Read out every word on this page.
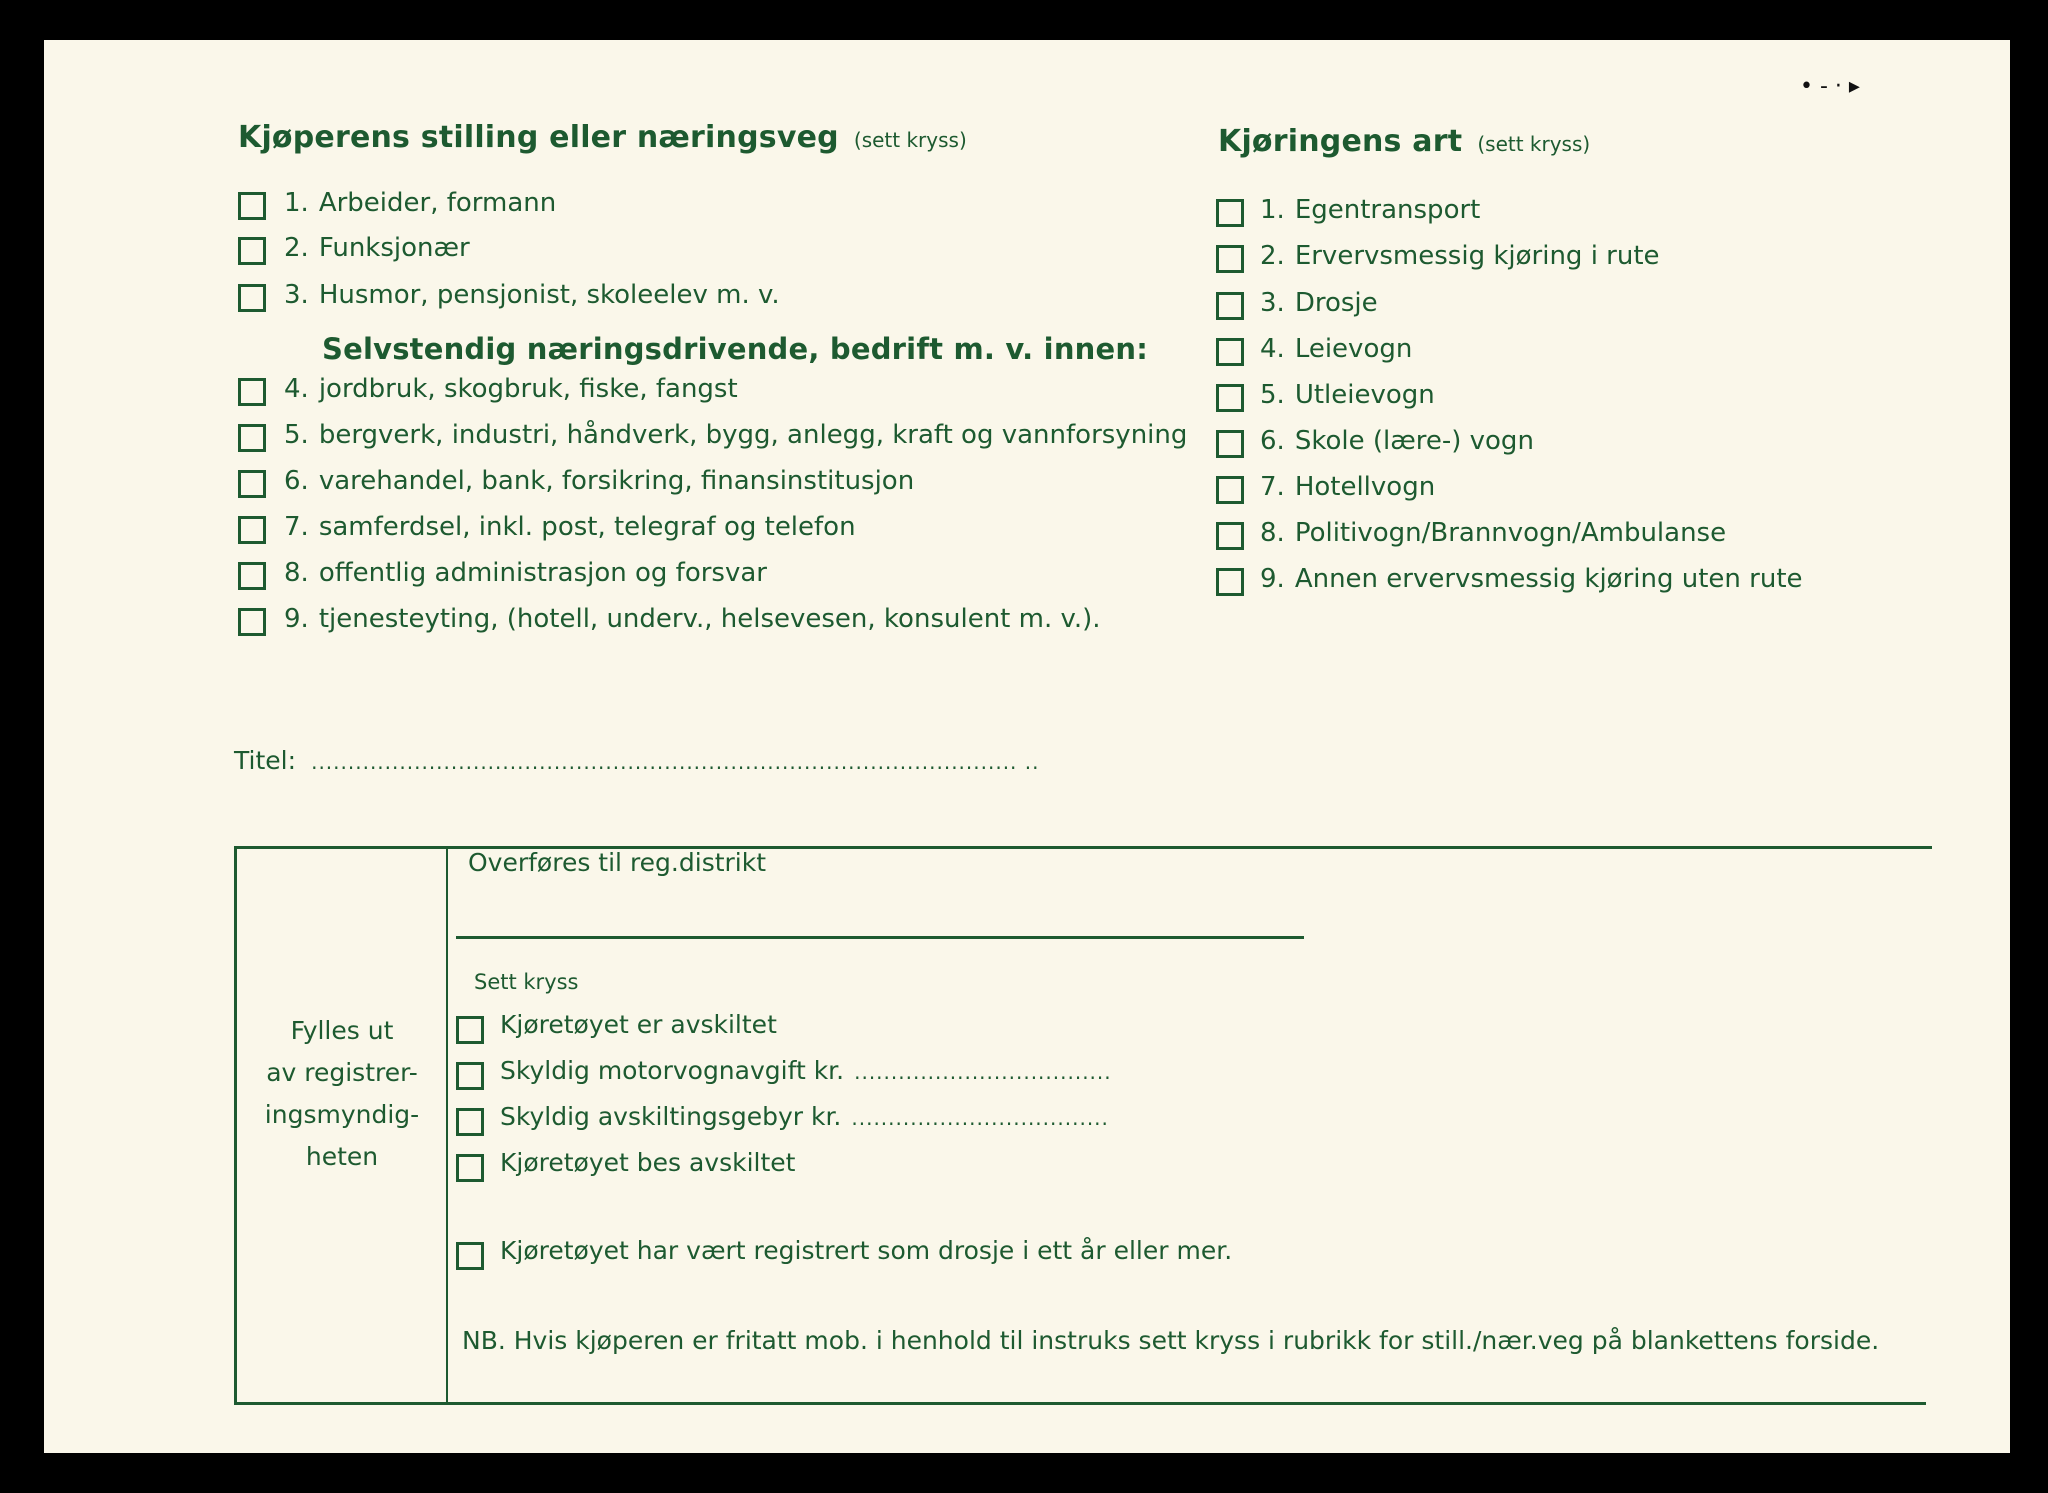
• ‑ · ▸
Kjøperens stilling eller næringsveg (sett kryss)
1. Arbeider, formann
2. Funksjonær
3. Husmor, pensjonist, skoleelev m. v.
4. jordbruk, skogbruk, fiske, fangst
5. bergverk, industri, håndverk, bygg, anlegg, kraft og vannforsyning
6. varehandel, bank, forsikring, finansinstitusjon
7. samferdsel, inkl. post, telegraf og telefon
8. offentlig administrasjon og forsvar
9. tjenesteyting, (hotell, underv., helsevesen, konsulent m. v.).
Selvstendig næringsdrivende, bedrift m. v. innen:
Kjøringens art (sett kryss)
1. Egentransport
2. Ervervsmessig kjøring i rute
3. Drosje
4. Leievogn
5. Utleievogn
6. Skole (lære-) vogn
7. Hotellvogn
8. Politivogn/Brannvogn/Ambulanse
9. Annen ervervsmessig kjøring uten rute
Titel: ................................................................................................ ..
Fylles ut
av registrer-
ingsmyndig-
heten
Overføres til reg.distrikt
Sett kryss
Kjøretøyet er avskiltet
Skyldig motorvognavgift kr. ...................................
Skyldig avskiltingsgebyr kr. ...................................
Kjøretøyet bes avskiltet
Kjøretøyet har vært registrert som drosje i ett år eller mer.
NB. Hvis kjøperen er fritatt mob. i henhold til instruks sett kryss i rubrikk for still./nær.veg på blankettens forside.
